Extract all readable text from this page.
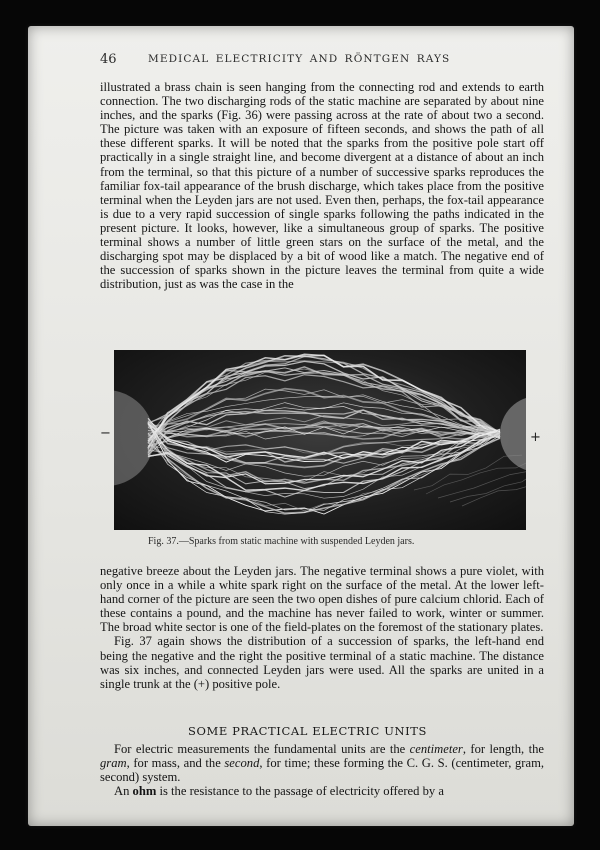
46	MEDICAL ELECTRICITY AND RÖNTGEN RAYS

illustrated a brass chain is seen hanging from the connecting rod and extends to earth connection. The two discharging rods of the static machine are separated by about nine inches, and the sparks (Fig. 36) were passing across at the rate of about two a second. The picture was taken with an exposure of fifteen seconds, and shows the path of all these different sparks. It will be noted that the sparks from the positive pole start off practically in a single straight line, and become divergent at a distance of about an inch from the terminal, so that this picture of a number of successive sparks reproduces the familiar fox-tail appearance of the brush discharge, which takes place from the positive terminal when the Leyden jars are not used. Even then, perhaps, the fox-tail appearance is due to a very rapid succession of single sparks following the paths indicated in the present picture. It looks, however, like a simultaneous group of sparks. The positive terminal shows a number of little green stars on the surface of the metal, and the discharging spot may be displaced by a bit of wood like a match. The negative end of the succession of sparks shown in the picture leaves the terminal from quite a wide distribution, just as was the case in the

−	+
Fig. 37.—Sparks from static machine with suspended Leyden jars.

negative breeze about the Leyden jars. The negative terminal shows a pure violet, with only once in a while a white spark right on the surface of the metal. At the lower left-hand corner of the picture are seen the two open dishes of pure calcium chlorid. Each of these contains a pound, and the machine has never failed to work, winter or summer. The broad white sector is one of the field-plates on the foremost of the stationary plates.

Fig. 37 again shows the distribution of a succession of sparks, the left-hand end being the negative and the right the positive terminal of a static machine. The distance was six inches, and connected Leyden jars were used. All the sparks are united in a single trunk at the (+) positive pole.

SOME PRACTICAL ELECTRIC UNITS

For electric measurements the fundamental units are the centimeter, for length, the gram, for mass, and the second, for time; these forming the C. G. S. (centimeter, gram, second) system.

An ohm is the resistance to the passage of electricity offered by a
